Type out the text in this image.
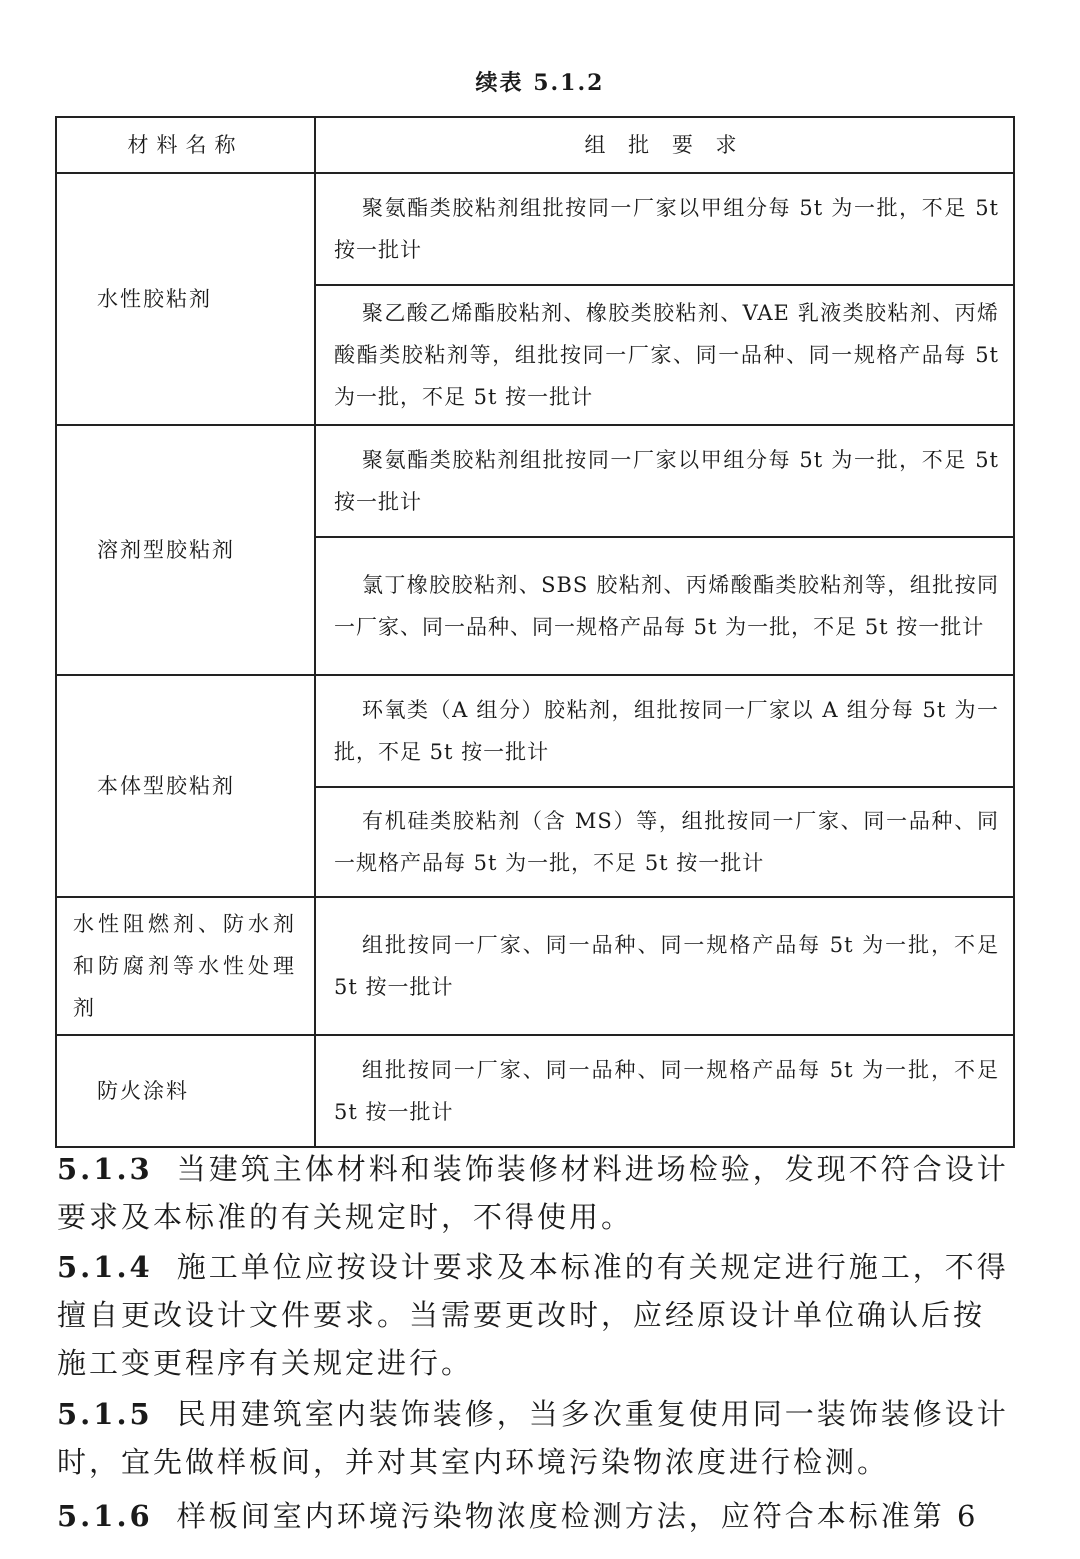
续表 5.1.2
材料名称	组 批 要 求
水性胶粘剂	聚氨酯类胶粘剂组批按同一厂家以甲组分每 5t 为一批，不足 5t 按一批计
	聚乙酸乙烯酯胶粘剂、橡胶类胶粘剂、VAE 乳液类胶粘剂、丙烯酸酯类胶粘剂等，组批按同一厂家、同一品种、同一规格产品每 5t 为一批，不足 5t 按一批计
溶剂型胶粘剂	聚氨酯类胶粘剂组批按同一厂家以甲组分每 5t 为一批，不足 5t 按一批计
	氯丁橡胶胶粘剂、SBS 胶粘剂、丙烯酸酯类胶粘剂等，组批按同一厂家、同一品种、同一规格产品每 5t 为一批，不足 5t 按一批计
本体型胶粘剂	环氧类（A 组分）胶粘剂，组批按同一厂家以 A 组分每 5t 为一批，不足 5t 按一批计
	有机硅类胶粘剂（含 MS）等，组批按同一厂家、同一品种、同一规格产品每 5t 为一批，不足 5t 按一批计
水性阻燃剂、防水剂和防腐剂等水性处理剂	组批按同一厂家、同一品种、同一规格产品每 5t 为一批，不足 5t 按一批计
防火涂料	组批按同一厂家、同一品种、同一规格产品每 5t 为一批，不足 5t 按一批计
5.1.3 当建筑主体材料和装饰装修材料进场检验，发现不符合设计要求及本标准的有关规定时，不得使用。
5.1.4 施工单位应按设计要求及本标准的有关规定进行施工，不得擅自更改设计文件要求。当需要更改时，应经原设计单位确认后按施工变更程序有关规定进行。
5.1.5 民用建筑室内装饰装修，当多次重复使用同一装饰装修设计时，宜先做样板间，并对其室内环境污染物浓度进行检测。
5.1.6 样板间室内环境污染物浓度检测方法，应符合本标准第 6
